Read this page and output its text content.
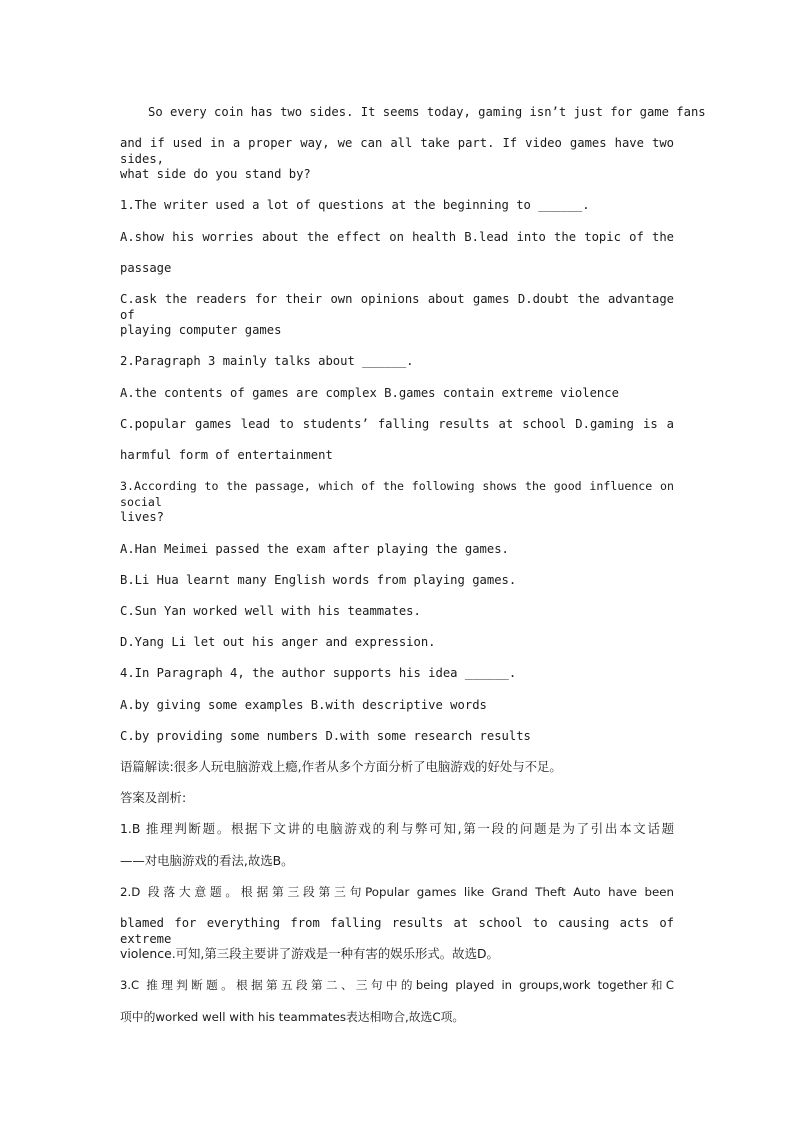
So every coin has two sides. It seems today, gaming isn’t just for game fans
and if used in a proper way, we can all take part. If video games have two sides,
what side do you stand by?
1.The writer used a lot of questions at the beginning to ______.
A.show his worries about the effect on health B.lead into the topic of the
passage
C.ask the readers for their own opinions about games D.doubt the advantage of
playing computer games
2.Paragraph 3 mainly talks about ______.
A.the contents of games are complex B.games contain extreme violence
C.popular games lead to students’ falling results at school D.gaming is a
harmful form of entertainment
3.According to the passage, which of the following shows the good influence on social
lives?
A.Han Meimei passed the exam after playing the games.
B.Li Hua learnt many English words from playing games.
C.Sun Yan worked well with his teammates.
D.Yang Li let out his anger and expression.
4.In Paragraph 4, the author supports his idea ______.
A.by giving some examples B.with descriptive words
C.by providing some numbers D.with some research results
语篇解读:很多人玩电脑游戏上瘾,作者从多个方面分析了电脑游戏的好处与不足。
答案及剖析:
1.B 推理判断题。根据下文讲的电脑游戏的利与弊可知,第一段的问题是为了引出本文话题
——对电脑游戏的看法,故选B。
2.D 段落大意题。根据第三段第三句Popular games like Grand Theft Auto have been
blamed for everything from falling results at school to causing acts of extreme
violence.可知,第三段主要讲了游戏是一种有害的娱乐形式。故选D。
3.C 推理判断题。根据第五段第二、三句中的being played in groups,work together和C
项中的worked well with his teammates表达相吻合,故选C项。
